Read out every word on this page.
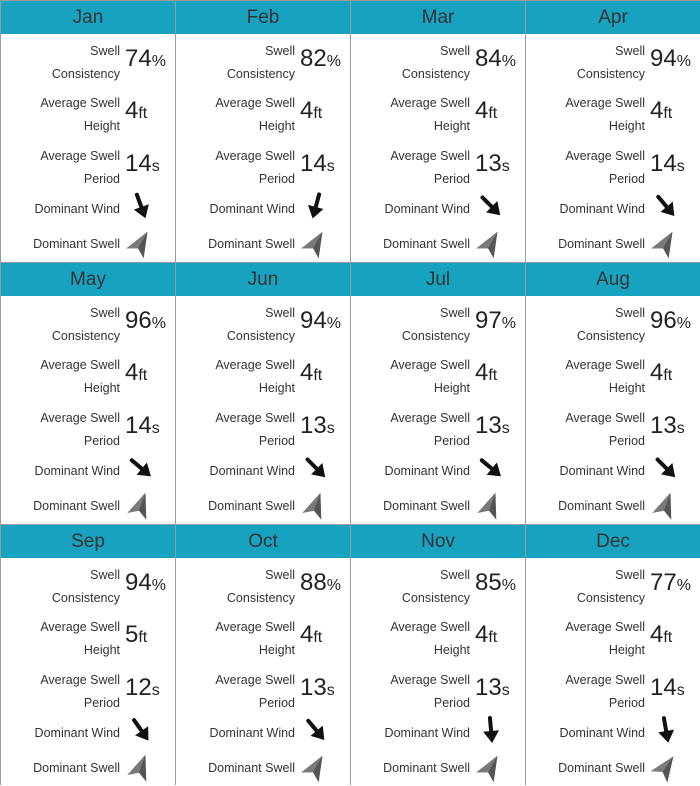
Jan
Swell
Consistency
74%
Average Swell
Height
4ft
Average Swell
Period
14s
Dominant Wind
Dominant Swell
Feb
Swell
Consistency
82%
Average Swell
Height
4ft
Average Swell
Period
14s
Dominant Wind
Dominant Swell
Mar
Swell
Consistency
84%
Average Swell
Height
4ft
Average Swell
Period
13s
Dominant Wind
Dominant Swell
Apr
Swell
Consistency
94%
Average Swell
Height
4ft
Average Swell
Period
14s
Dominant Wind
Dominant Swell
May
Swell
Consistency
96%
Average Swell
Height
4ft
Average Swell
Period
14s
Dominant Wind
Dominant Swell
Jun
Swell
Consistency
94%
Average Swell
Height
4ft
Average Swell
Period
13s
Dominant Wind
Dominant Swell
Jul
Swell
Consistency
97%
Average Swell
Height
4ft
Average Swell
Period
13s
Dominant Wind
Dominant Swell
Aug
Swell
Consistency
96%
Average Swell
Height
4ft
Average Swell
Period
13s
Dominant Wind
Dominant Swell
Sep
Swell
Consistency
94%
Average Swell
Height
5ft
Average Swell
Period
12s
Dominant Wind
Dominant Swell
Oct
Swell
Consistency
88%
Average Swell
Height
4ft
Average Swell
Period
13s
Dominant Wind
Dominant Swell
Nov
Swell
Consistency
85%
Average Swell
Height
4ft
Average Swell
Period
13s
Dominant Wind
Dominant Swell
Dec
Swell
Consistency
77%
Average Swell
Height
4ft
Average Swell
Period
14s
Dominant Wind
Dominant Swell
